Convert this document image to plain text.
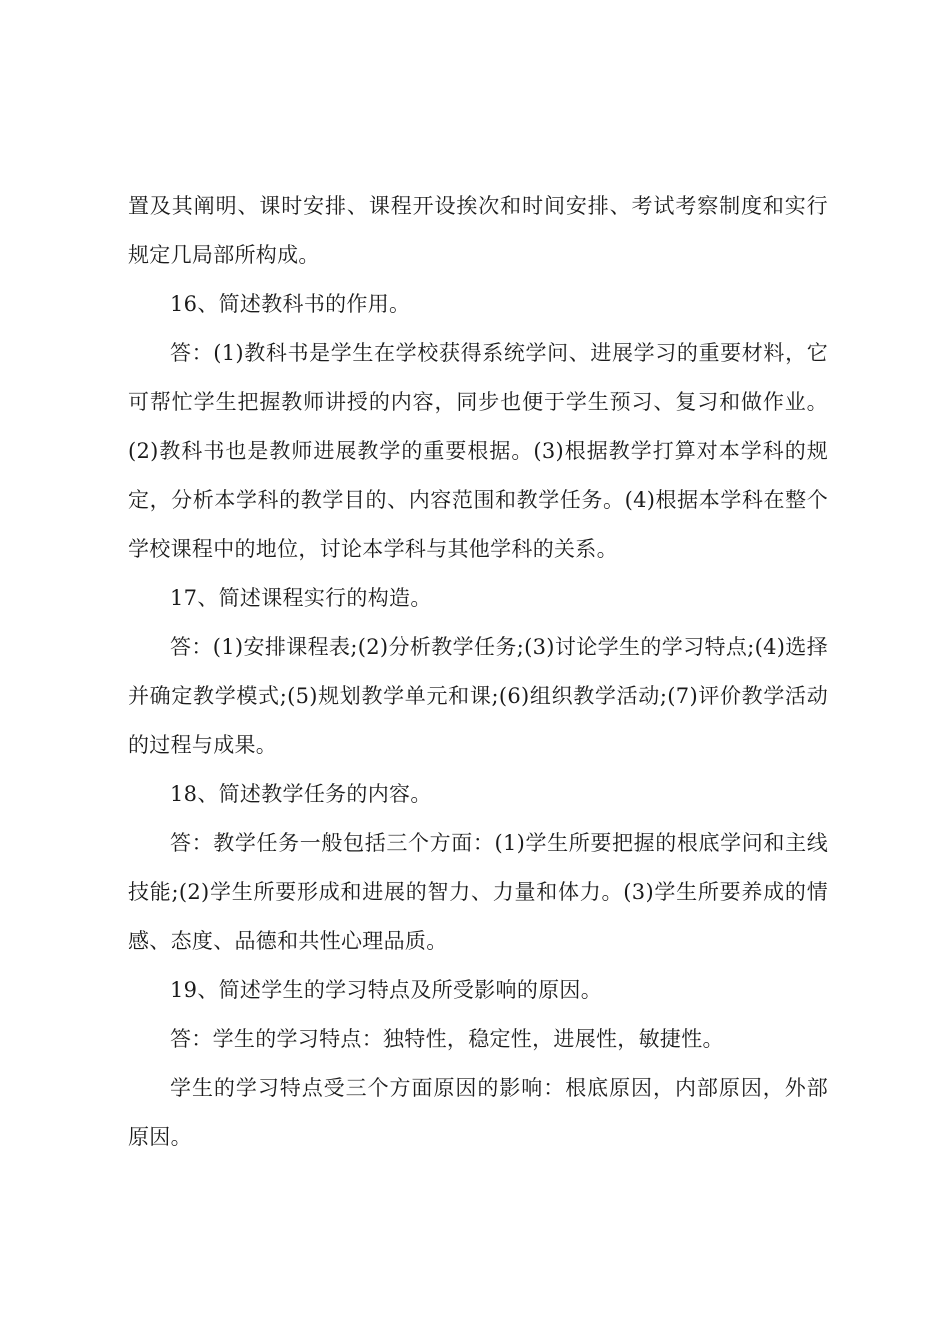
置及其阐明、课时安排、课程开设挨次和时间安排、考试考察制度和实行规定几局部所构成。

16、简述教科书的作用。

答：(1)教科书是学生在学校获得系统学问、进展学习的重要材料，它可帮忙学生把握教师讲授的内容，同步也便于学生预习、复习和做作业。(2)教科书也是教师进展教学的重要根据。(3)根据教学打算对本学科的规定，分析本学科的教学目的、内容范围和教学任务。(4)根据本学科在整个学校课程中的地位，讨论本学科与其他学科的关系。

17、简述课程实行的构造。

答：(1)安排课程表;(2)分析教学任务;(3)讨论学生的学习特点;(4)选择并确定教学模式;(5)规划教学单元和课;(6)组织教学活动;(7)评价教学活动的过程与成果。

18、简述教学任务的内容。

答：教学任务一般包括三个方面：(1)学生所要把握的根底学问和主线技能;(2)学生所要形成和进展的智力、力量和体力。(3)学生所要养成的情感、态度、品德和共性心理品质。

19、简述学生的学习特点及所受影响的原因。

答：学生的学习特点：独特性，稳定性，进展性，敏捷性。

学生的学习特点受三个方面原因的影响：根底原因，内部原因，外部原因。
